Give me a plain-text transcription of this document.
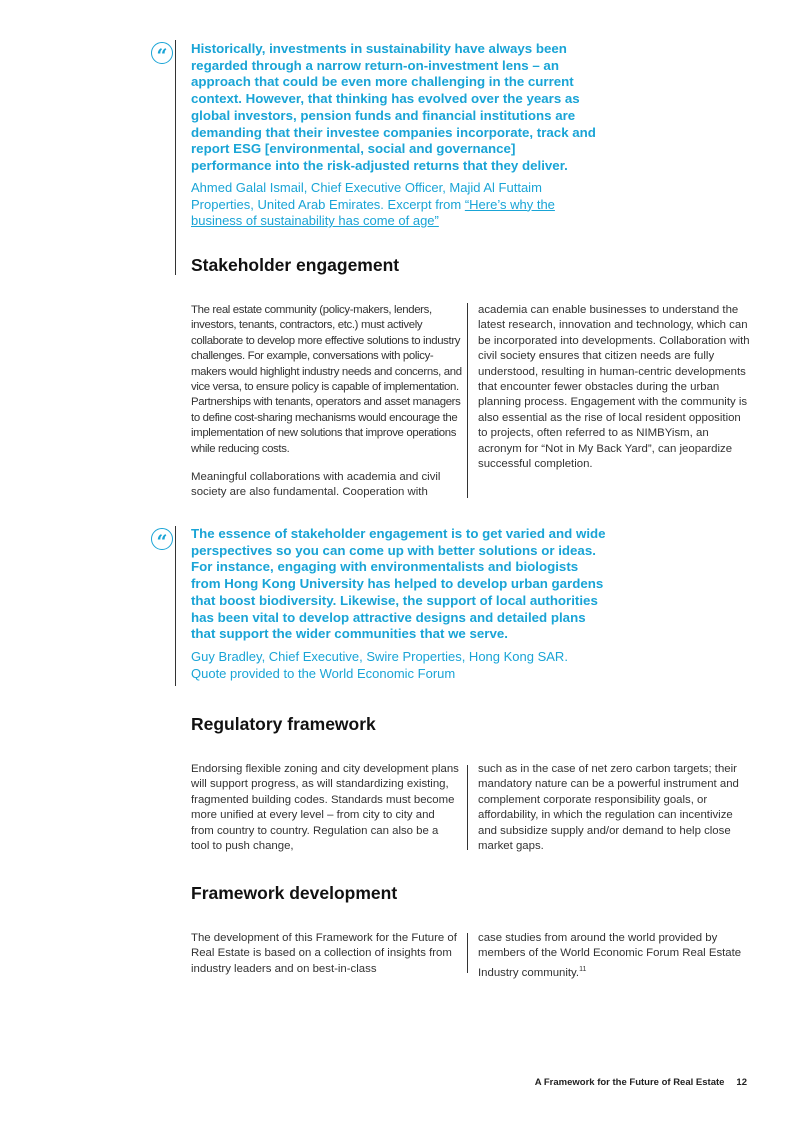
“	Historically, investments in sustainability have always been regarded through a narrow return-on-investment lens – an approach that could be even more challenging in the current context. However, that thinking has evolved over the years as global investors, pension funds and financial institutions are demanding that their investee companies incorporate, track and report ESG [environmental, social and governance] performance into the risk-adjusted returns that they deliver.
Ahmed Galal Ismail, Chief Executive Officer, Majid Al Futtaim Properties, United Arab Emirates. Excerpt from “Here’s why the business of sustainability has come of age”
Stakeholder engagement
The real estate community (policy-makers, lenders, investors, tenants, contractors, etc.) must actively collaborate to develop more effective solutions to industry challenges. For example, conversations with policy-makers would highlight industry needs and concerns, and vice versa, to ensure policy is capable of implementation. Partnerships with tenants, operators and asset managers to define cost-sharing mechanisms would encourage the implementation of new solutions that improve operations while reducing costs.
Meaningful collaborations with academia and civil society are also fundamental. Cooperation with
academia can enable businesses to understand the latest research, innovation and technology, which can be incorporated into developments. Collaboration with civil society ensures that citizen needs are fully understood, resulting in human-centric developments that encounter fewer obstacles during the urban planning process. Engagement with the community is also essential as the rise of local resident opposition to projects, often referred to as NIMBYism, an acronym for “Not in My Back Yard”, can jeopardize successful completion.
“	The essence of stakeholder engagement is to get varied and wide perspectives so you can come up with better solutions or ideas. For instance, engaging with environmentalists and biologists from Hong Kong University has helped to develop urban gardens that boost biodiversity. Likewise, the support of local authorities has been vital to develop attractive designs and detailed plans that support the wider communities that we serve.
Guy Bradley, Chief Executive, Swire Properties, Hong Kong SAR. Quote provided to the World Economic Forum
Regulatory framework
Endorsing flexible zoning and city development plans will support progress, as will standardizing existing, fragmented building codes. Standards must become more unified at every level – from city to city and from country to country. Regulation can also be a tool to push change,
such as in the case of net zero carbon targets; their mandatory nature can be a powerful instrument and complement corporate responsibility goals, or affordability, in which the regulation can incentivize and subsidize supply and/or demand to help close market gaps.
Framework development
The development of this Framework for the Future of Real Estate is based on a collection of insights from industry leaders and on best-in-class
case studies from around the world provided by members of the World Economic Forum Real Estate Industry community.$^{11}$
A Framework for the Future of Real Estate 12
